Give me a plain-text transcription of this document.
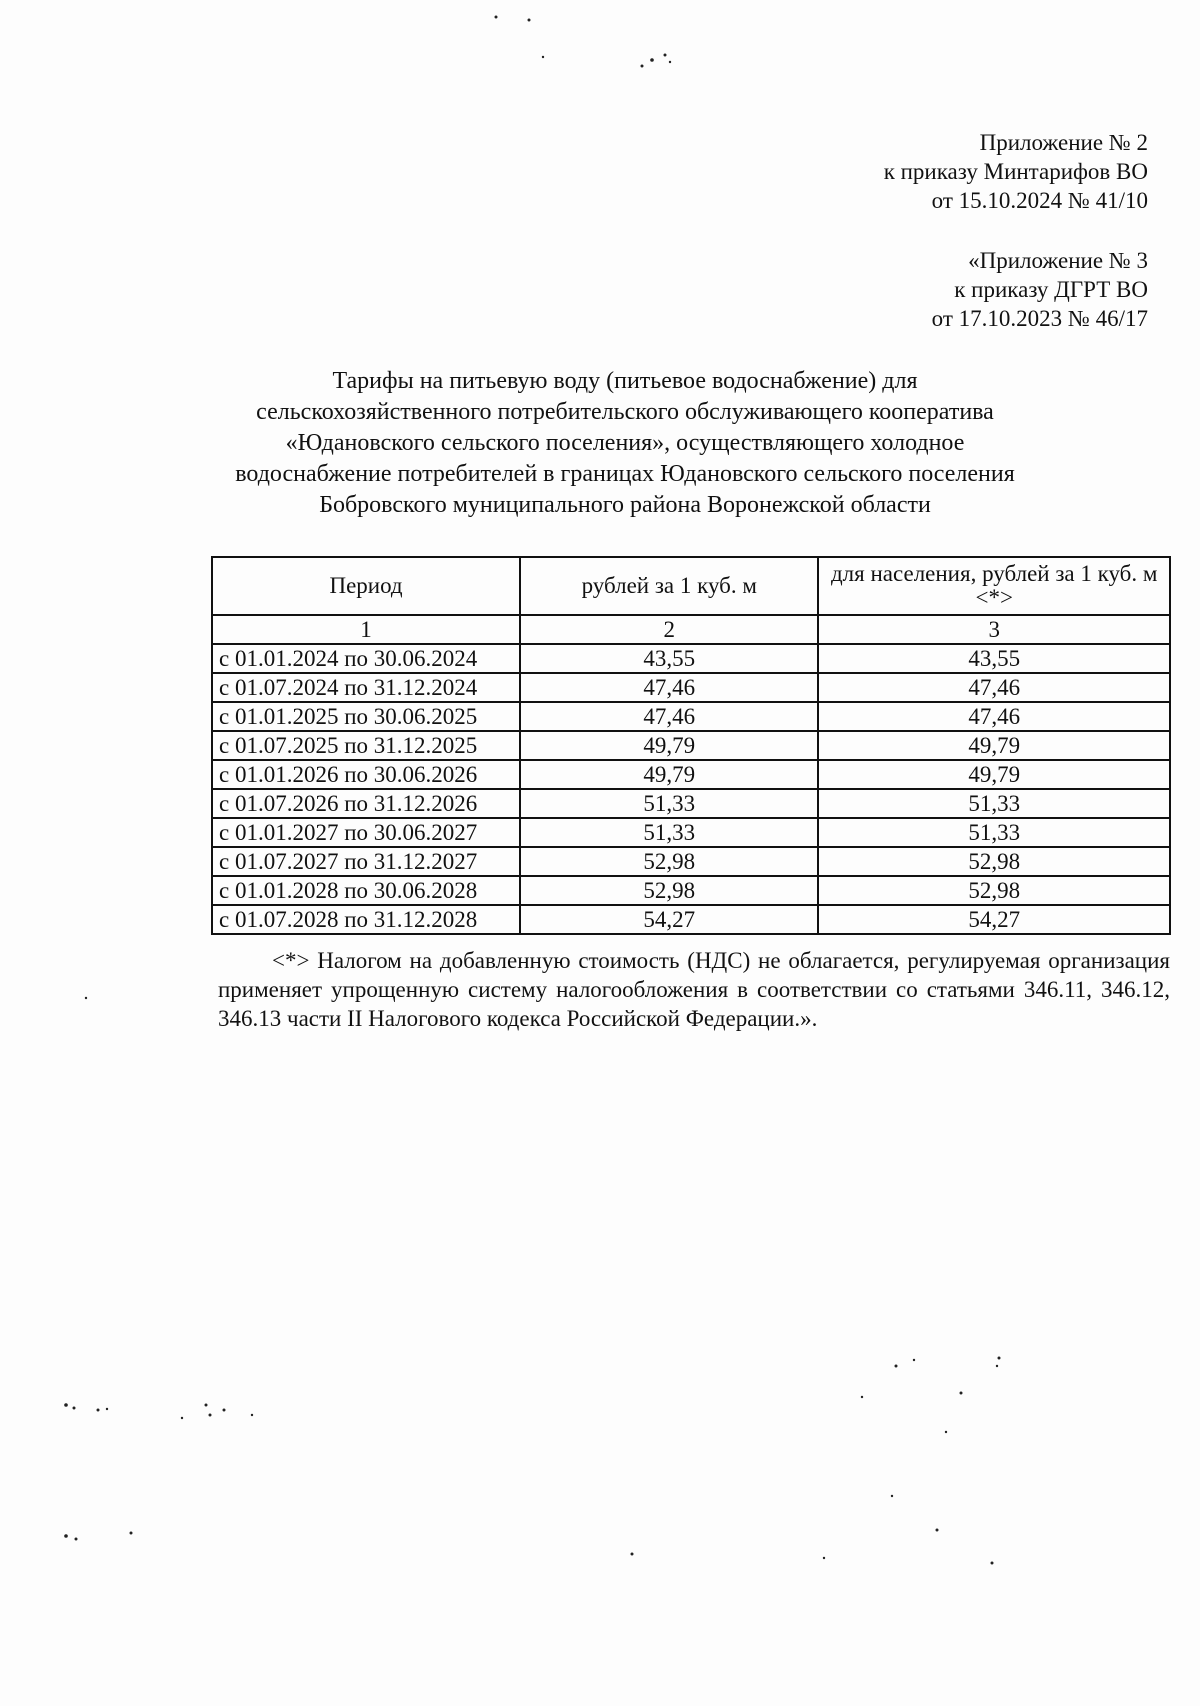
Приложение № 2
к приказу Минтарифов ВО
от 15.10.2024 № 41/10
«Приложение № 3
к приказу ДГРТ ВО
от 17.10.2023 № 46/17
Тарифы на питьевую воду (питьевое водоснабжение) для
сельскохозяйственного потребительского обслуживающего кооператива
«Юдановского сельского поселения», осуществляющего холодное
водоснабжение потребителей в границах Юдановского сельского поселения
Бобровского муниципального района Воронежской области
Период	рублей за 1 куб. м	для населения, рублей за 1 куб. м <*>
1	2	3
с 01.01.2024 по 30.06.2024	43,55	43,55
с 01.07.2024 по 31.12.2024	47,46	47,46
с 01.01.2025 по 30.06.2025	47,46	47,46
с 01.07.2025 по 31.12.2025	49,79	49,79
с 01.01.2026 по 30.06.2026	49,79	49,79
с 01.07.2026 по 31.12.2026	51,33	51,33
с 01.01.2027 по 30.06.2027	51,33	51,33
с 01.07.2027 по 31.12.2027	52,98	52,98
с 01.01.2028 по 30.06.2028	52,98	52,98
с 01.07.2028 по 31.12.2028	54,27	54,27

<*> Налогом на добавленную стоимость (НДС) не облагается, регулируемая организация применяет упрощенную систему налогообложения в соответствии со статьями 346.11, 346.12, 346.13 части II Налогового кодекса Российской Федерации.».
